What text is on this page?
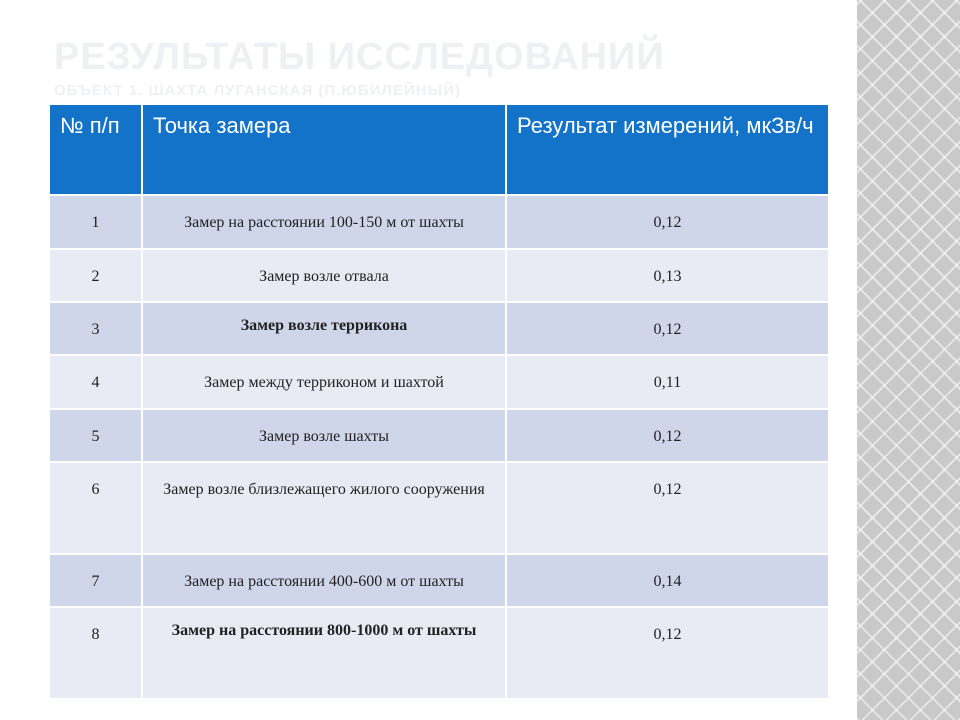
РЕЗУЛЬТАТЫ ИССЛЕДОВАНИЙ
ОБЪЕКТ 1. ШАХТА ЛУГАНСКАЯ (П.ЮБИЛЕЙНЫЙ)
№ п/п	Точка замера	Результат измерений, мкЗв/ч

1	Замер на расстоянии 100-150 м от шахты	0,12

2	Замер возле отвала	0,13

3	Замер возле террикона	0,12

4	Замер между терриконом и шахтой	0,11

5	Замер возле шахты	0,12

6	Замер возле близлежащего жилого сооружения	0,12

7	Замер на расстоянии 400-600 м от шахты	0,14

8	Замер на расстоянии 800-1000 м от шахты	0,12
